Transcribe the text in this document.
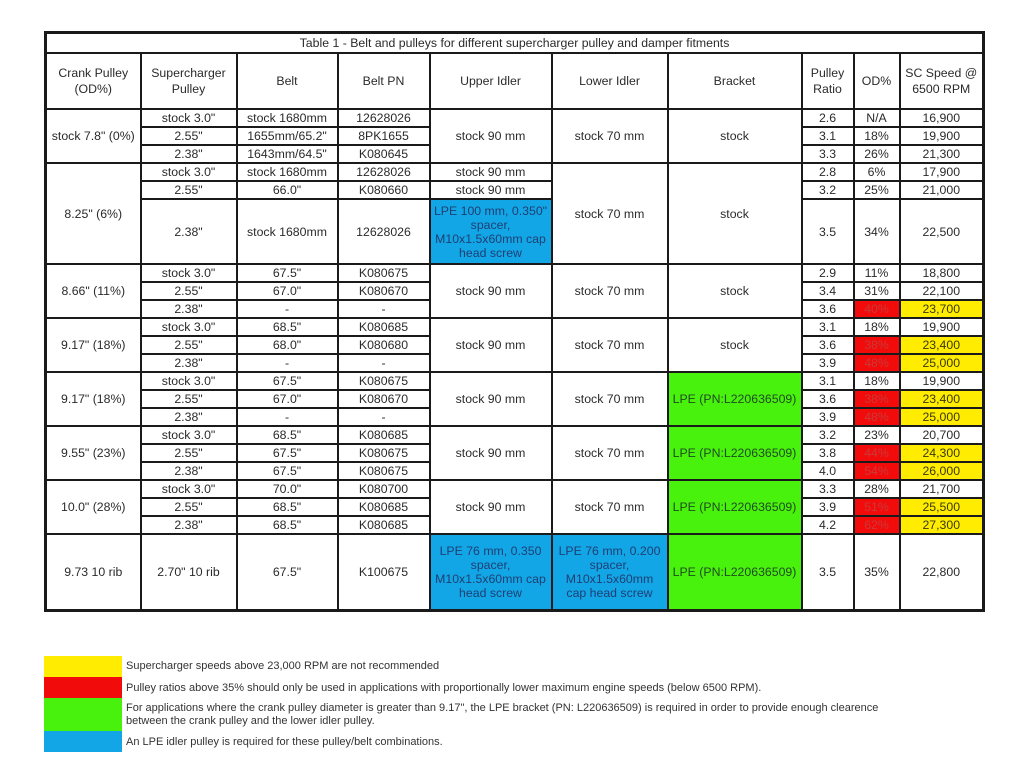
Table 1 - Belt and pulleys for different supercharger pulley and damper fitments									
Crank Pulley (OD%)	Supercharger Pulley	Belt	Belt PN	Upper Idler	Lower Idler	Bracket	Pulley Ratio	OD%	SC Speed @ 6500 RPM
stock 7.8" (0%)	stock 3.0"	stock 1680mm	12628026	stock 90 mm	stock 70 mm	stock	2.6	N/A	16,900
	2.55"	1655mm/65.2"	8PK1655				3.1	18%	19,900
	2.38"	1643mm/64.5"	K080645				3.3	26%	21,300
8.25" (6%)	stock 3.0"	stock 1680mm	12628026	stock 90 mm	stock 70 mm	stock	2.8	6%	17,900
	2.55"	66.0"	K080660	stock 90 mm			3.2	25%	21,000
	2.38"	stock 1680mm	12628026	LPE 100 mm, 0.350" spacer, M10x1.5x60mm cap head screw			3.5	34%	22,500
8.66" (11%)	stock 3.0"	67.5"	K080675	stock 90 mm	stock 70 mm	stock	2.9	11%	18,800
	2.55"	67.0"	K080670				3.4	31%	22,100
	2.38"	-	-				3.6	40%	23,700
9.17" (18%)	stock 3.0"	68.5"	K080685	stock 90 mm	stock 70 mm	stock	3.1	18%	19,900
	2.55"	68.0"	K080680				3.6	38%	23,400
	2.38"	-	-				3.9	48%	25,000
9.17" (18%)	stock 3.0"	67.5"	K080675	stock 90 mm	stock 70 mm	LPE (PN:L220636509)	3.1	18%	19,900
	2.55"	67.0"	K080670				3.6	38%	23,400
	2.38"	-	-				3.9	48%	25,000
9.55" (23%)	stock 3.0"	68.5"	K080685	stock 90 mm	stock 70 mm	LPE (PN:L220636509)	3.2	23%	20,700
	2.55"	67.5"	K080675				3.8	44%	24,300
	2.38"	67.5"	K080675				4.0	54%	26,000
10.0" (28%)	stock 3.0"	70.0"	K080700	stock 90 mm	stock 70 mm	LPE (PN:L220636509)	3.3	28%	21,700
	2.55"	68.5"	K080685				3.9	51%	25,500
	2.38"	68.5"	K080685				4.2	62%	27,300
9.73 10 rib	2.70" 10 rib	67.5"	K100675	LPE 76 mm, 0.350 spacer, M10x1.5x60mm cap head screw	LPE 76 mm, 0.200 spacer, M10x1.5x60mm cap head screw	LPE (PN:L220636509)	3.5	35%	22,800
Supercharger speeds above 23,000 RPM are not recommended
Pulley ratios above 35% should only be used in applications with proportionally lower maximum engine speeds (below 6500 RPM).
For applications where the crank pulley diameter is greater than 9.17", the LPE bracket (PN: L220636509) is required in order to provide enough clearence between the crank pulley and the lower idler pulley.
An LPE idler pulley is required for these pulley/belt combinations.
